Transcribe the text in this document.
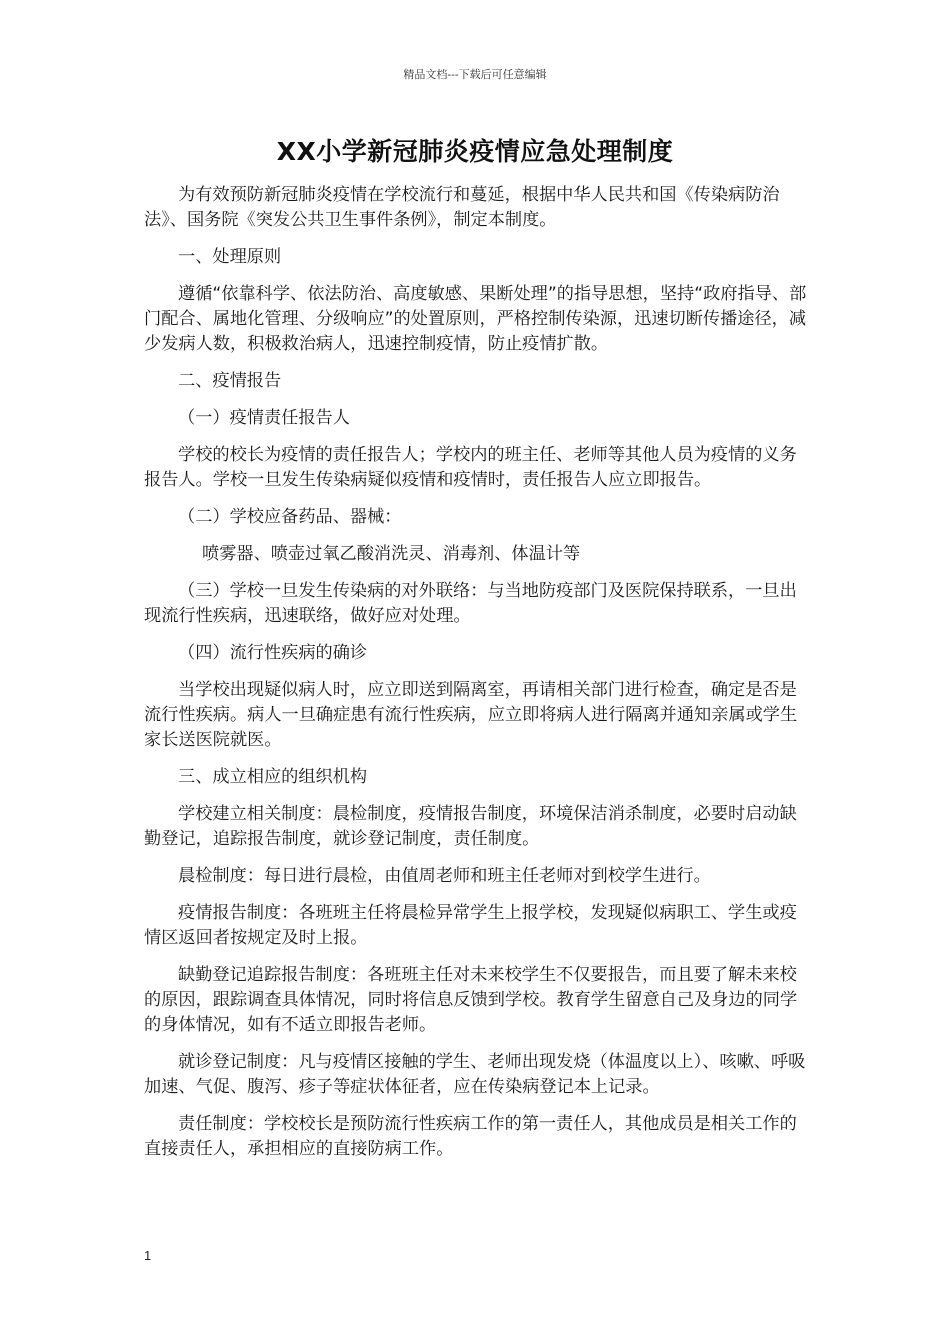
精品文档---下载后可任意编辑
XX小学新冠肺炎疫情应急处理制度

为有效预防新冠肺炎疫情在学校流行和蔓延，根据中华人民共和国《传染病防治法》、国务院《突发公共卫生事件条例》，制定本制度。

一、处理原则

遵循“依靠科学、依法防治、高度敏感、果断处理”的指导思想，坚持“政府指导、部门配合、属地化管理、分级响应”的处置原则，严格控制传染源，迅速切断传播途径，减少发病人数，积极救治病人，迅速控制疫情，防止疫情扩散。

二、疫情报告

（一）疫情责任报告人

学校的校长为疫情的责任报告人；学校内的班主任、老师等其他人员为疫情的义务报告人。学校一旦发生传染病疑似疫情和疫情时，责任报告人应立即报告。

（二）学校应备药品、器械：

喷雾器、喷壶过氧乙酸消洗灵、消毒剂、体温计等

（三）学校一旦发生传染病的对外联络：与当地防疫部门及医院保持联系，一旦出现流行性疾病，迅速联络，做好应对处理。

（四）流行性疾病的确诊

当学校出现疑似病人时，应立即送到隔离室，再请相关部门进行检查，确定是否是流行性疾病。病人一旦确症患有流行性疾病，应立即将病人进行隔离并通知亲属或学生家长送医院就医。

三、成立相应的组织机构

学校建立相关制度：晨检制度，疫情报告制度，环境保洁消杀制度，必要时启动缺勤登记，追踪报告制度，就诊登记制度，责任制度。

晨检制度：每日进行晨检，由值周老师和班主任老师对到校学生进行。

疫情报告制度：各班班主任将晨检异常学生上报学校，发现疑似病职工、学生或疫情区返回者按规定及时上报。

缺勤登记追踪报告制度：各班班主任对未来校学生不仅要报告，而且要了解未来校的原因，跟踪调查具体情况，同时将信息反馈到学校。教育学生留意自己及身边的同学的身体情况，如有不适立即报告老师。

就诊登记制度：凡与疫情区接触的学生、老师出现发烧（体温度以上）、咳嗽、呼吸加速、气促、腹泻、疹子等症状体征者，应在传染病登记本上记录。

责任制度：学校校长是预防流行性疾病工作的第一责任人，其他成员是相关工作的直接责任人，承担相应的直接防病工作。

1
